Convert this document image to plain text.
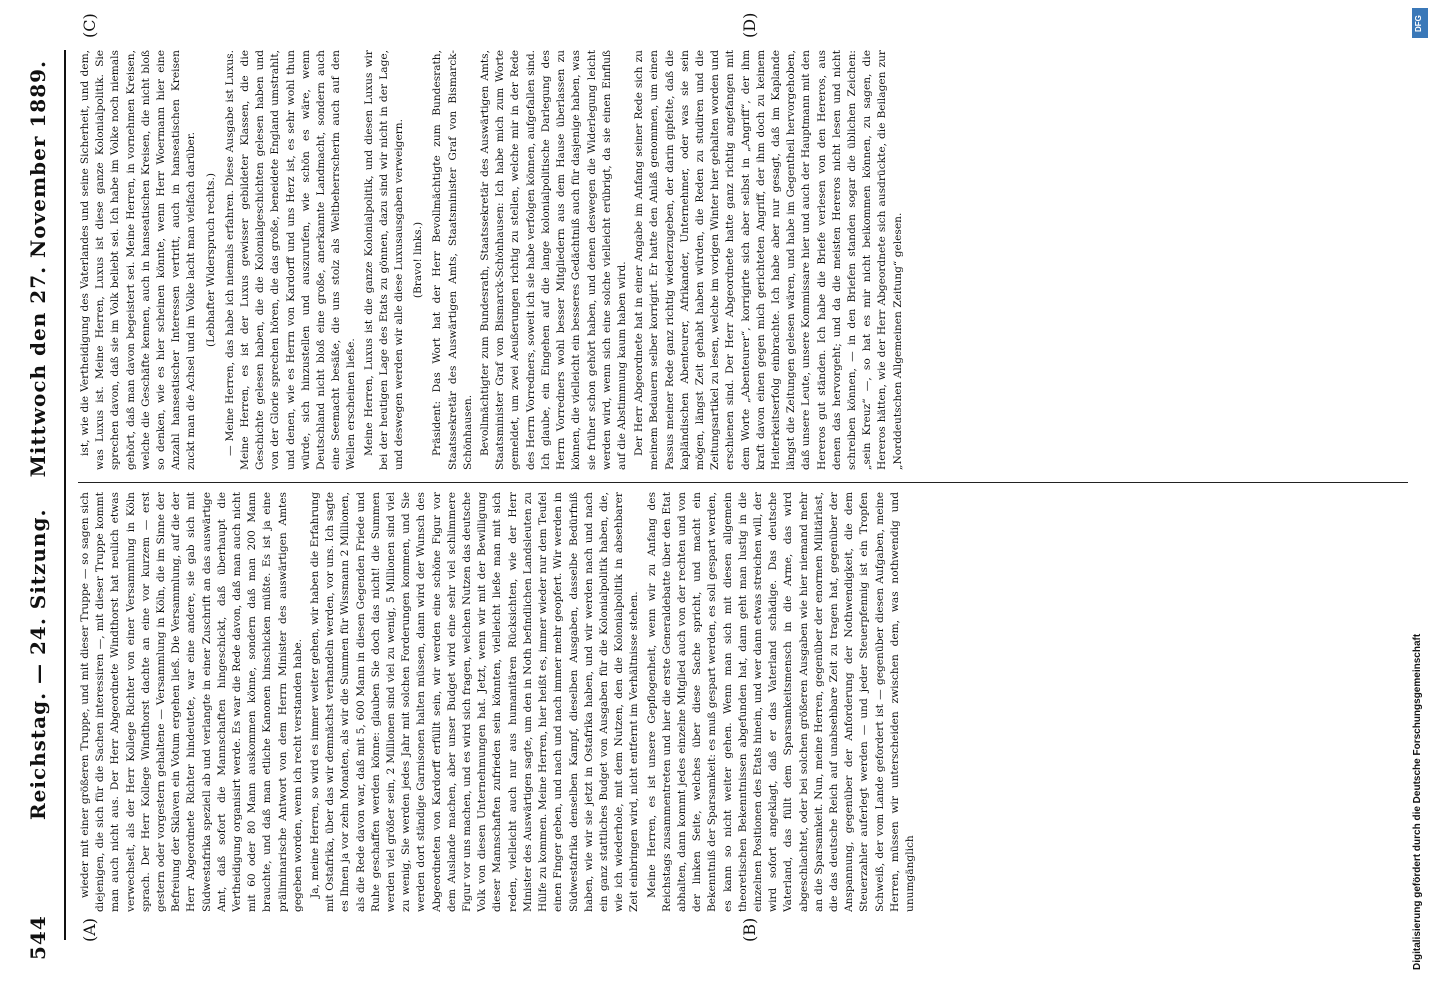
544
Reichstag. — 24. Sitzung.
Mittwoch den 27. November 1889.
(A)	(B)
(C)	(D)

wieder mit einer größeren Truppe, und mit dieser Truppe — so sagen sich diejenigen, die sich für die Sachen interessiren —, mit dieser Truppe kommt man auch nicht aus. Der Herr Abgeordnete Windthorst hat neulich etwas verwechselt, als der Herr Kollege Richter von einer Versammlung in Köln sprach. Der Herr Kollege Windthorst dachte an eine vor kurzem — erst gestern oder vorgestern gehaltene — Versammlung in Köln, die im Sinne der Befreiung der Sklaven ein Votum ergehen ließ. Die Versammlung, auf die der Herr Abgeordnete Richter hindeutete, war eine andere, sie gab sich mit Südwestafrika speziell ab und verlangte in einer Zuschrift an das auswärtige Amt, daß sofort die Mannschaften hingeschickt, daß überhaupt die Vertheidigung organisirt werde. Es war die Rede davon, daß man auch nicht mit 60 oder 80 Mann auskommen könne, sondern daß man 200 Mann brauchte, und daß man etliche Kanonen hinschicken müßte. Es ist ja eine präliminarische Antwort von dem Herrn Minister des auswärtigen Amtes gegeben worden, wenn ich recht verstanden habe. Ja, meine Herren, so wird es immer weiter gehen, wir haben die Erfahrung mit Ostafrika, über das wir demnächst verhandeln werden, vor uns. Ich sagte es Ihnen ja vor zehn Monaten, als wir die Summen für Wissmann 2 Millionen, als die Rede davon war, daß mit 5, 600 Mann in diesen Gegenden Friede und Ruhe geschaffen werden könne: glauben Sie doch das nicht! die Summen werden viel größer sein, 2 Millionen sind viel zu wenig, 5 Millionen sind viel zu wenig, Sie werden jedes Jahr mit solchen Forderungen kommen, und Sie werden dort ständige Garnisonen halten müssen, dann wird der Wunsch des Abgeordneten von Kardorff erfüllt sein, wir werden eine schöne Figur vor dem Auslande machen, aber unser Budget wird eine sehr viel schlimmere Figur vor uns machen, und es wird sich fragen, welchen Nutzen das deutsche Volk von diesen Unternehmungen hat. Jetzt, wenn wir mit der Bewilligung dieser Mannschaften zufrieden sein könnten, vielleicht ließe man mit sich reden, vielleicht auch nur aus humanitären Rücksichten, wie der Herr Minister des Auswärtigen sagte, um den in Noth befindlichen Landsleuten zu Hülfe zu kommen. Meine Herren, hier heißt es, immer wieder nur dem Teufel einen Finger geben, und nach und nach immer mehr geopfert. Wir werden in Südwestafrika denselben Kampf, dieselben Ausgaben, dasselbe Bedürfniß haben, wie wir sie jetzt in Ostafrika haben, und wir werden nach und nach ein ganz stattliches Budget von Ausgaben für die Kolonialpolitik haben, die, wie ich wiederhole, mit dem Nutzen, den die Kolonialpolitik in absehbarer Zeit einbringen wird, nicht entfernt im Verhältnisse stehen. Meine Herren, es ist unsere Gepflogenheit, wenn wir zu Anfang des Reichstags zusammentreten und hier die erste Generaldebatte über den Etat abhalten, dann kommt jedes einzelne Mitglied auch von der rechten und von der linken Seite, welches über diese Sache spricht, und macht ein Bekenntniß der Sparsamkeit: es muß gespart werden, es soll gespart werden, es kann so nicht weiter gehen. Wenn man sich mit diesen allgemein theoretischen Bekenntnissen abgefunden hat, dann geht man lustig in die einzelnen Positionen des Etats hinein, und wer dann etwas streichen will, der wird sofort angeklagt, daß er das Vaterland schädige. Das deutsche Vaterland, das füllt dem Sparsamkeitsmensch in die Arme, das wird abgeschlachtet, oder bei solchen größeren Ausgaben wie hier niemand mehr an die Sparsamkeit. Nun, meine Herren, gegenüber der enormen Militärlast, die das deutsche Reich auf unabsehbare Zeit zu tragen hat, gegenüber der Anspannung, gegenüber der Anforderung der Nothwendigkeit, die dem Steuerzahler auferlegt werden — und jeder Steuerpfennig ist ein Tropfen Schweiß, der vom Lande gefordert ist — gegenüber diesen Aufgaben, meine Herren, müssen wir unterscheiden zwischen dem, was nothwendig und unumgänglich

ist, wie die Vertheidigung des Vaterlandes und seine Sicherheit, und dem, was Luxus ist. Meine Herren, Luxus ist diese ganze Kolonialpolitik. Sie sprechen davon, daß sie im Volk beliebt sei. Ich habe im Volke noch niemals gehört, daß man davon begeistert sei. Meine Herren, in vornehmen Kreisen, welche die Geschäfte kennen, auch in hanseatischen Kreisen, die nicht bloß so denken, wie es hier scheinen könnte, wenn Herr Woermann hier eine Anzahl hanseatischer Interessen vertritt, auch in hanseatischen Kreisen zuckt man die Achsel und im Volke lacht man vielfach darüber. (Lebhafter Widerspruch rechts.) — Meine Herren, das habe ich niemals erfahren. Diese Ausgabe ist Luxus. Meine Herren, es ist der Luxus gewisser gebildeter Klassen, die die Geschichte gelesen haben, die die Kolonialgeschichten gelesen haben und von der Glorie sprechen hören, die das große, beneidete England umstrahlt, und denen, wie es Herrn von Kardorff und uns Herz ist, es sehr wohl thun würde, sich hinzustellen und auszurufen, wie schön es wäre, wenn Deutschland nicht bloß eine große, anerkannte Landmacht, sondern auch eine Seemacht besäße, die uns stolz als Weltbeherrscherin auch auf den Wellen erscheinen ließe. Meine Herren, Luxus ist die ganze Kolonialpolitik, und diesen Luxus wir bei der heutigen Lage des Etats zu gönnen, dazu sind wir nicht in der Lage, und deswegen werden wir alle diese Luxusausgaben verweigern. (Bravo! links.) Präsident: Das Wort hat der Herr Bevollmächtigte zum Bundesrath, Staatssekretär des Auswärtigen Amts, Staatsminister Graf von Bismarck-Schönhausen. Bevollmächtigter zum Bundesrath, Staatssekretär des Auswärtigen Amts, Staatsminister Graf von Bismarck-Schönhausen: Ich habe mich zum Worte gemeldet, um zwei Aeußerungen richtig zu stellen, welche mir in der Rede des Herrn Vorredners, soweit ich sie habe verfolgen können, aufgefallen sind. Ich glaube, ein Eingehen auf die lange kolonialpolitische Darlegung des Herrn Vorredners wohl besser Mitgliedern aus dem Hause überlassen zu können, die vielleicht ein besseres Gedächtniß auch für dasjenige haben, was sie früher schon gehört haben, und denen deswegen die Widerlegung leicht werden wird, wenn sich eine solche vielleicht erübrigt, da sie einen Einfluß auf die Abstimmung kaum haben wird. Der Herr Abgeordnete hat in einer Angabe im Anfang seiner Rede sich zu meinem Bedauern selber korrigirt. Er hatte den Anlaß genommen, um einen Passus meiner Rede ganz richtig wiederzugeben, der darin gipfelte, daß die kapländischen Abenteurer, Afrikander, Unternehmer, oder was sie sein mögen, längst Zeit gehabt haben würden, die Reden zu studiren und die Zeitungsartikel zu lesen, welche im vorigen Winter hier gehalten worden und erschienen sind. Der Herr Abgeordnete hatte ganz richtig angefangen mit dem Worte „Abenteurer“, korrigirte sich aber selbst in „Angriff“, der ihm kraft davon einen gegen mich gerichteten Angriff, der ihm doch zu keinem Heiterkeitserfolg einbrachte. Ich habe aber nur gesagt, daß im Kaplande längst die Zeitungen gelesen wären, und habe im Gegentheil hervorgehoben, daß unsere Leute, unsere Kommissare hier und auch der Hauptmann mit den Hereros gut ständen. Ich habe die Briefe verlesen von den Hereros, aus denen das hervorgeht; und da die meisten Hereros nicht lesen und nicht schreiben können, — in den Briefen standen sogar die üblichen Zeichen: „sein Kreuz“ —, so hat es mir nicht beikommen können, zu sagen, die Hereros hätten, wie der Herr Abgeordnete sich ausdrückte, die Beilagen zur „Norddeutschen Allgemeinen Zeitung“ gelesen.

Digitalisierung gefördert durch die Deutsche Forschungsgemeinschaft
DFG
